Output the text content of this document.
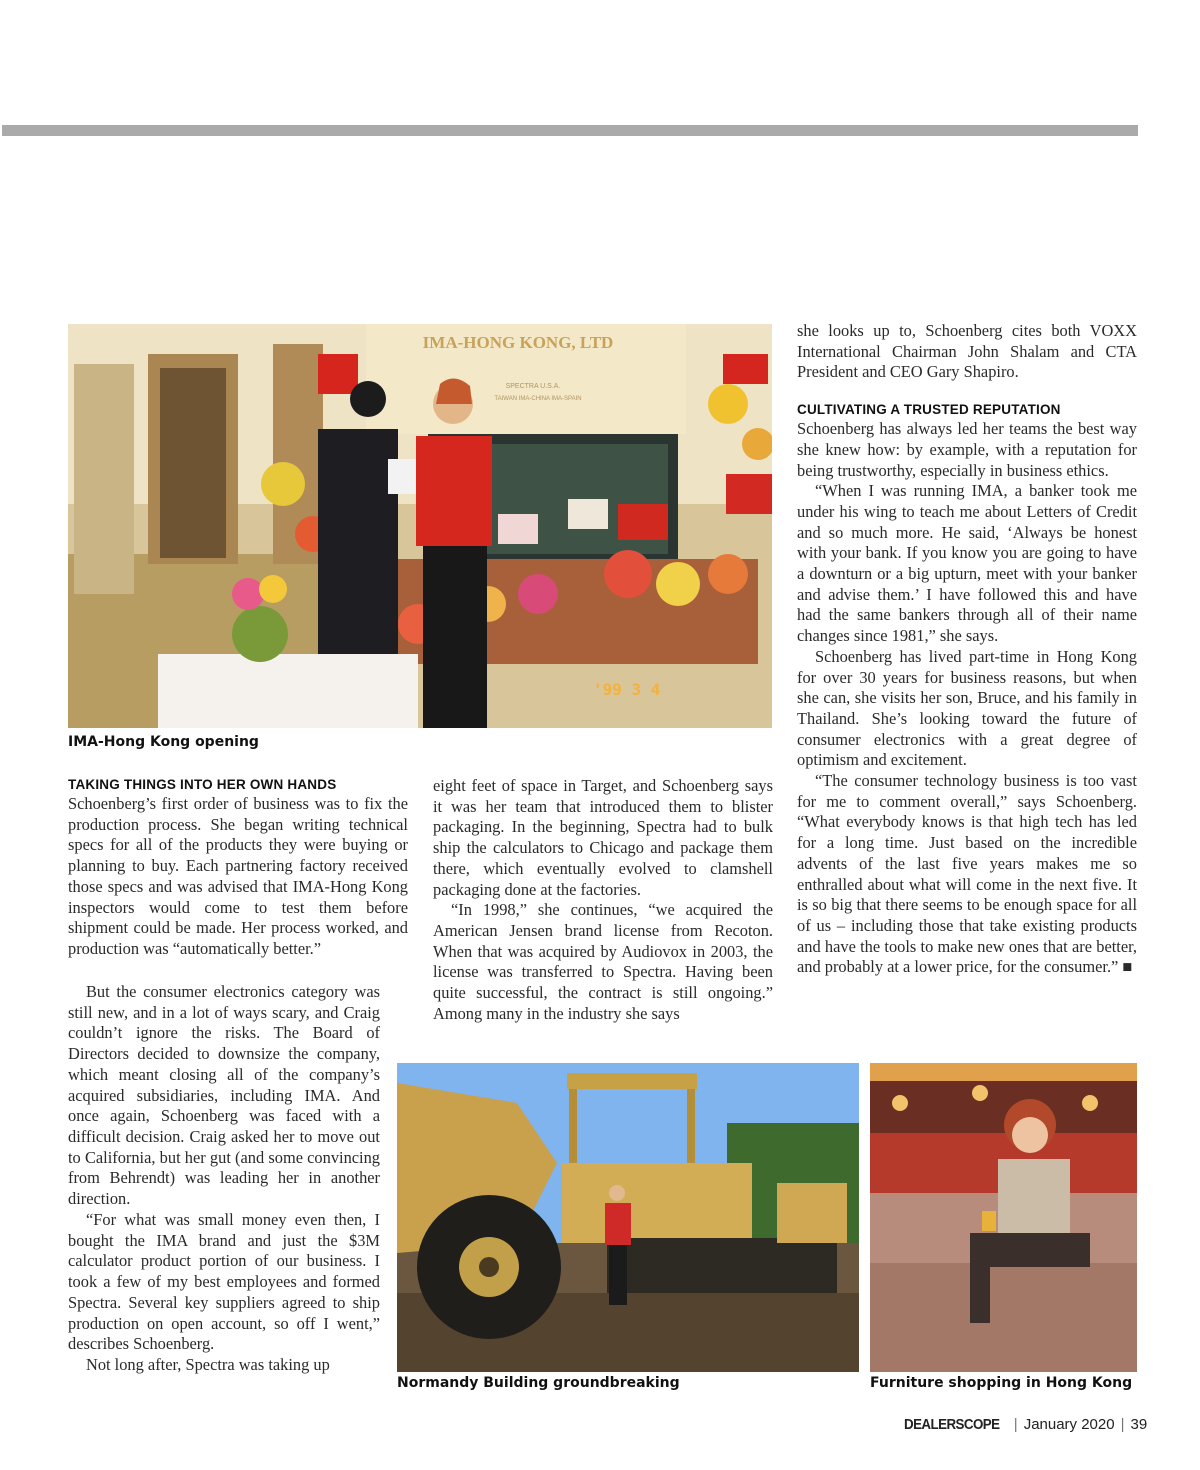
IMA-HONG KONG, LTD
SPECTRA U.S.A.
TAIWAN IMA-CHINA IMA-SPAIN
'99 3 4
IMA-Hong Kong opening
TAKING THINGS INTO HER OWN HANDS

Schoenberg’s first order of business was to fix the production process. She began writing technical specs for all of the products they were buying or planning to buy. Each partnering factory received those specs and was advised that IMA-Hong Kong inspectors would come to test them before shipment could be made. Her process worked, and production was “automatically better.”

But the consumer electronics category was still new, and in a lot of ways scary, and Craig couldn’t ignore the risks. The Board of Directors decided to downsize the company, which meant closing all of the company’s acquired subsidiaries, including IMA. And once again, Schoenberg was faced with a difficult decision. Craig asked her to move out to California, but her gut (and some convincing from Behrendt) was leading her in another direction.

eight feet of space in Target, and Schoenberg says it was her team that introduced them to blister packaging. In the beginning, Spectra had to bulk ship the calculators to Chicago and package them there, which eventually evolved to clamshell packaging done at the factories.

“In 1998,” she continues, “we acquired the American Jensen brand license from Recoton. When that was acquired by Audiovox in 2003, the license was transferred to Spectra. Having been quite successful, the contract is still ongoing.” Among many in the industry she says

she looks up to, Schoenberg cites both VOXX International Chairman John Shalam and CTA President and CEO Gary Shapiro.

CULTIVATING A TRUSTED REPUTATION

Schoenberg has always led her teams the best way she knew how: by example, with a reputation for being trustworthy, especially in business ethics.

“When I was running IMA, a banker took me under his wing to teach me about Letters of Credit and so much more. He said, ‘Always be honest with your bank. If you know you are going to have a downturn or a big upturn, meet with your banker and advise them.’ I have followed this and have had the same bankers through all of their name changes since 1981,” she says.

Schoenberg has lived part-time in Hong Kong for over 30 years for business reasons, but when she can, she visits her son, Bruce, and his family in Thailand. She’s looking toward the future of consumer electronics with a great degree of optimism and excitement.

“The consumer technology business is too vast for me to comment overall,” says Schoenberg. “What everybody knows is that high tech has led for a long time. Just based on the incredible advents of the last five years makes me so enthralled about what will come in the next five. It is so big that there seems to be enough space for all of us – including those that take existing products and have the tools to make new ones that are better, and probably at a lower price, for the consumer.” ■

Normandy Building groundbreaking	Furniture shopping in Hong Kong
DEALERSCOPE | January 2020 | 39

“For what was small money even then, I bought the IMA brand and just the $3M calculator product portion of our business. I took a few of my best employees and formed Spectra. Several key suppliers agreed to ship production on open account, so off I went,” describes Schoenberg.

Not long after, Spectra was taking up
